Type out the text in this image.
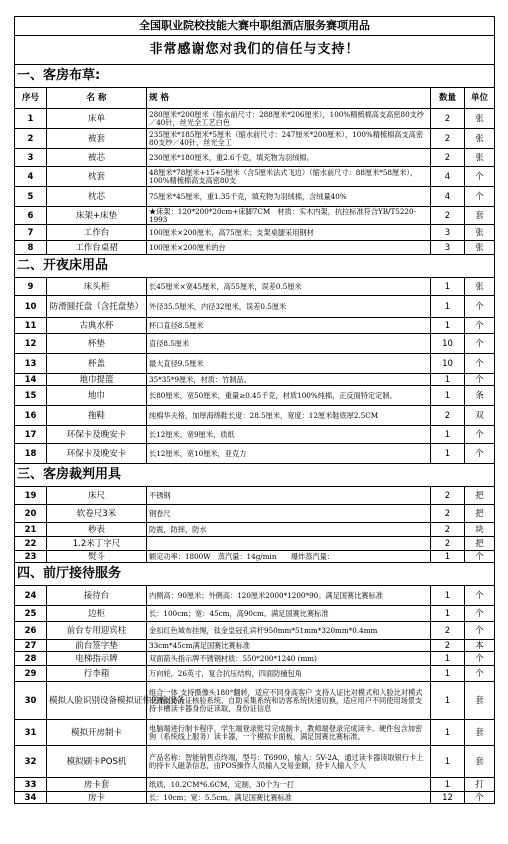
全国职业院校技能大赛中职组酒店服务赛项用品				
非常感谢您对我们的信任与支持！				
一、客房布草:				
序号	名 称	规 格	数量	单位
1	床单	280厘米*200厘米（缩水前尺寸：288厘米*206厘米），100%精梳棉高支高密80支纱／40针，丝光全工艺白色	2	张
2	被套	235厘米*185厘米*5厘米（缩水前尺寸：247厘米*200厘米），100%精梳棉高支高密80支纱／40针，丝光全工	2	张
3	被芯	230厘米*180厘米，重2.6千克，填充物为羽绒棉。	2	张
4	枕套	48厘米*78厘米+15+5厘米（含5厘米法式飞边）（缩水前尺寸：88厘米*58厘米），100%精梳棉高支高密80支	4	个
5	枕芯	75厘米*45厘米，重1.35千克，填充物为羽绒棉，含绒量40%	4	个
6	床架+床垫	★床架：120*200*20cm+床脚7CM　材质：实木内架，抗拉标准符合YB/T5220-1993	2	套
7	工作台	100厘米×200厘米，高75厘米；支架桌腿采用钢材	3	张
8	工作台桌裙	100厘米×200厘米的台	3	张
二、开夜床用品				
9	床头柜	长45厘米×宽45厘米，高55厘米，误差0.5厘米	1	张
10	防滑圆托盘（含托盘垫）	外径35.5厘米，内径32厘米，误差0.5厘米	1	个
11	古典水杯	杯口直径8.5厘米	1	个
12	杯垫	直径8.5厘米	10	个
13	杯盖	最大直径9.5厘米	10	个
14	地巾提篮	35*35*9厘米，材质：竹制品。	1	个
15	地巾	长80厘米，宽50厘米，重量≥0.45千克，材质100%纯棉，正反面特定定制。	1	条
16	拖鞋	纯棉华夫格，加厚海绵鞋长度：28.5厘米，宽度：12厘米鞋底厚2.5CM	2	双
17	环保卡及晚安卡	长12厘米，宽9厘米，质纸	1	个
18	环保卡及晚安卡	长12厘米，宽10厘米，亚克力	1	个
三、客房裁判用具				
19	床尺	不锈钢	2	把
20	软卷尺3米	钢卷尺	2	把
21	秒表	防震，防摔，防水	2	块
22	1.2米丁字尺		2	把
23	熨斗	额定功率：1800W　蒸汽量：14g/min　　爆炸蒸汽量：	1	个
四、前厅接待服务				
24	接待台	内侧高：90厘米；外侧高：120厘米2000*1200*90。满足国赛比赛标准	1	个
25	边柜	长：100cm；宽：45cm，高90cm。满足国赛比赛标准	1	个
26	前台专用迎宾柱	金扣红色城布挂绳，钛金皇冠孔宾杆950mm*51mm*320mm*0.4mm	2	个
27	前台签字垫	33cm*45cm满足国赛比赛标准	2	本
28	电梯指示牌	双面箭头指示牌不锈钢材质：550*200*1240 (mm)	1	个
29	行李箱	万向轮，26英寸，复合抗压结构，四面防撞包角	1	个
30	模拟人脸识别设备模拟证件传输设备	组合一体 支持摄像头180°翻转，适应不同身高客户 支持人证比对模式和人脸比对模式设置支持人证核验系统、自助采集系统和访客系统快速切换，适应用户不同使用场景支持卡槽读卡器身份证读取，身份证信息	1	套
31	模拟开房制卡	电脑端进行制卡程序，学生端登录账号完成制卡，教师端登录完成读卡。硬件包含加密狗（系统线上服务）读卡器，一个模拟卡面板，满足国赛比赛标准。	1	套
32	模拟刷卡POS机	产品名称：智能销售点终端，型号：T6900，输入：5V-2A，通过读卡器读取银行卡上的持卡人磁条信息，由POS操作人员输入交易金额，持卡人输入个人	1	套
33	房卡套	纸质，10.2CM*6.6CM，定制，30个为一打	1	打
34	房卡	长：10cm；宽：5.5cm。满足国赛比赛标准	12	个
